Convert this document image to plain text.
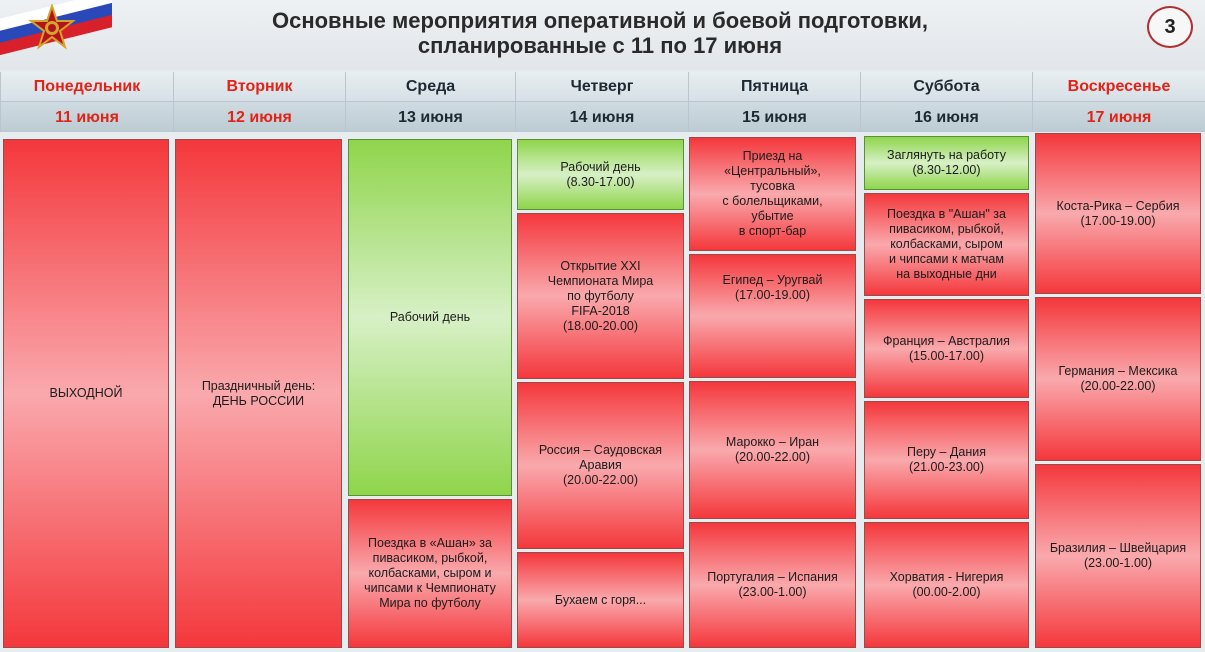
Основные мероприятия оперативной и боевой подготовки,
спланированные с 11 по 17 июня
3
Понедельник
11 июня
Вторник
12 июня
Среда
13 июня
Четверг
14 июня
Пятница
15 июня
Суббота
16 июня
Воскресенье
17 июня
ВЫХОДНОЙ
Праздничный день:
ДЕНЬ РОССИИ
Рабочий день
Поездка в «Ашан» за пивасиком, рыбкой, колбасками, сыром и чипсами к Чемпионату Мира по футболу
Рабочий день
(8.30-17.00)
Открытие XXI
Чемпионата Мира
по футболу
FIFA-2018
(18.00-20.00)
Россия – Саудовская
Аравия
(20.00-22.00)
Бухаем с горя...
Приезд на
«Центральный»,
тусовка
с болельщиками,
убытие
в спорт-бар
Египед – Уругвай
(17.00-19.00)
Марокко – Иран
(20.00-22.00)
Португалия – Испания
(23.00-1.00)
Заглянуть на работу
(8.30-12.00)
Поездка в "Ашан" за
пивасиком, рыбкой,
колбасками, сыром
и чипсами к матчам
на выходные дни
Франция – Австралия
(15.00-17.00)
Перу – Дания
(21.00-23.00)
Хорватия - Нигерия
(00.00-2.00)
Коста-Рика – Сербия
(17.00-19.00)
Германия – Мексика
(20.00-22.00)
Бразилия – Швейцария
(23.00-1.00)
